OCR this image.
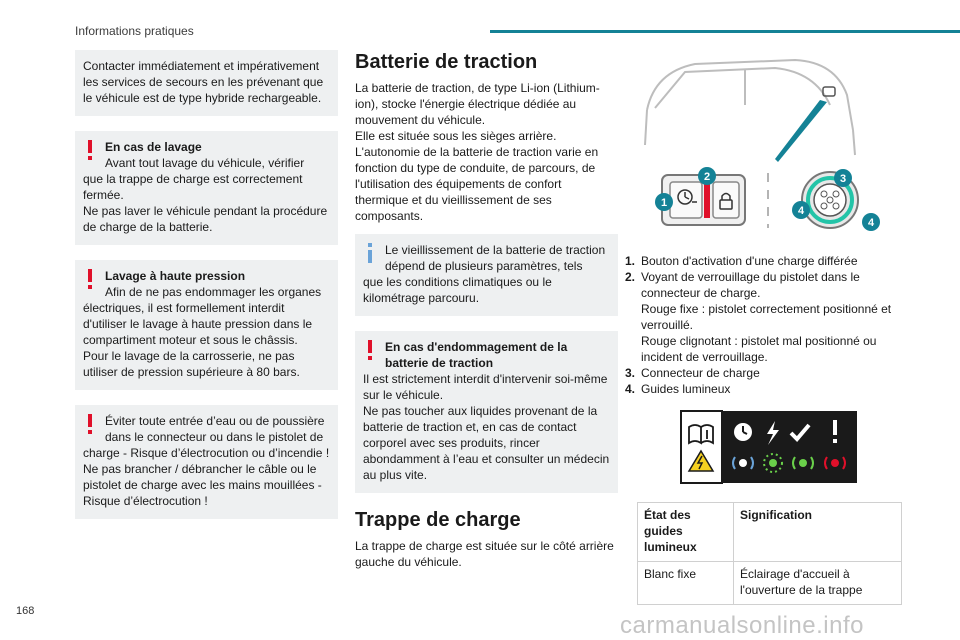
Informations pratiques
Contacter immédiatement et impérativement les services de secours en les prévenant que le véhicule est de type hybride rechargeable.
En cas de lavage
Avant tout lavage du véhicule, vérifier
que la trappe de charge est correctement fermée.
Ne pas laver le véhicule pendant la procédure de charge de la batterie.
Lavage à haute pression
Afin de ne pas endommager les organes
électriques, il est formellement interdit d'utiliser le lavage à haute pression dans le compartiment moteur et sous le châssis.
Pour le lavage de la carrosserie, ne pas utiliser de pression supérieure à 80 bars.
Éviter toute entrée d’eau ou de poussière dans le connecteur ou dans le pistolet de
charge - Risque d’électrocution ou d’incendie !
Ne pas brancher / débrancher le câble ou le pistolet de charge avec les mains mouillées - Risque d’électrocution !
Batterie de traction
La batterie de traction, de type Li-ion (Lithium-ion), stocke l'énergie électrique dédiée au mouvement du véhicule.
Elle est située sous les sièges arrière.
L'autonomie de la batterie de traction varie en fonction du type de conduite, de parcours, de l'utilisation des équipements de confort thermique et du vieillissement de ses composants.
Le vieillissement de la batterie de traction dépend de plusieurs paramètres, tels
que les conditions climatiques ou le kilométrage parcouru.
En cas d'endommagement de la batterie de traction
Il est strictement interdit d'intervenir soi-même sur le véhicule.
Ne pas toucher aux liquides provenant de la batterie de traction et, en cas de contact corporel avec ses produits, rincer abondamment à l’eau et consulter un médecin au plus vite.
Trappe de charge
La trappe de charge est située sur le côté arrière gauche du véhicule.
1
2	3
4
4
1. Bouton d'activation d'une charge différée
2. Voyant de verrouillage du pistolet dans le connecteur de charge.
Rouge fixe : pistolet correctement positionné et verrouillé.
Rouge clignotant : pistolet mal positionné ou incident de verrouillage.
3. Connecteur de charge
4. Guides lumineux
État des guides lumineux	Signification
Blanc fixe	Éclairage d'accueil à l'ouverture de la trappe
168
carmanualsonline.info
